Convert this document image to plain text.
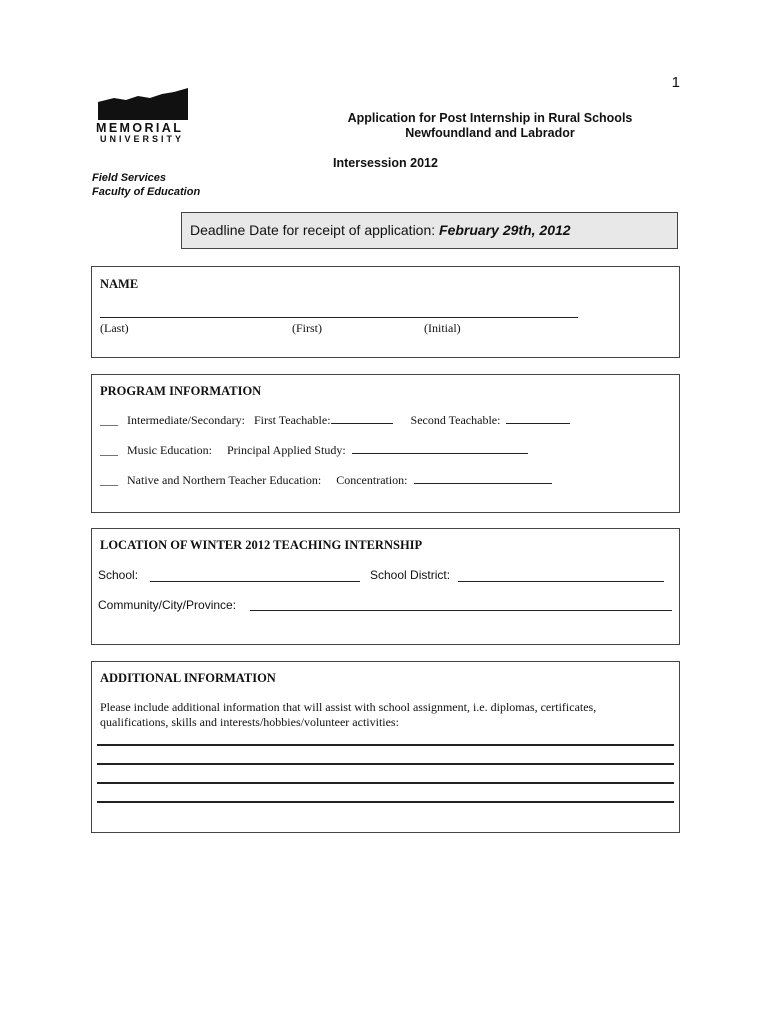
1
MEMORIAL
UNIVERSITY
Application for Post Internship in Rural Schools
Newfoundland and Labrador
Intersession 2012
Field Services
Faculty of Education
Deadline Date for receipt of application: February 29th, 2012
NAME
(Last)	(First)	(Initial)
PROGRAM INFORMATION
___ Intermediate/Secondary: First Teachable:	Second Teachable:
___ Music Education: Principal Applied Study:
___ Native and Northern Teacher Education: Concentration:
LOCATION OF WINTER 2012 TEACHING INTERNSHIP
School:	School District:
Community/City/Province:
ADDITIONAL INFORMATION
Please include additional information that will assist with school assignment, i.e. diplomas, certificates,
qualifications, skills and interests/hobbies/volunteer activities:
